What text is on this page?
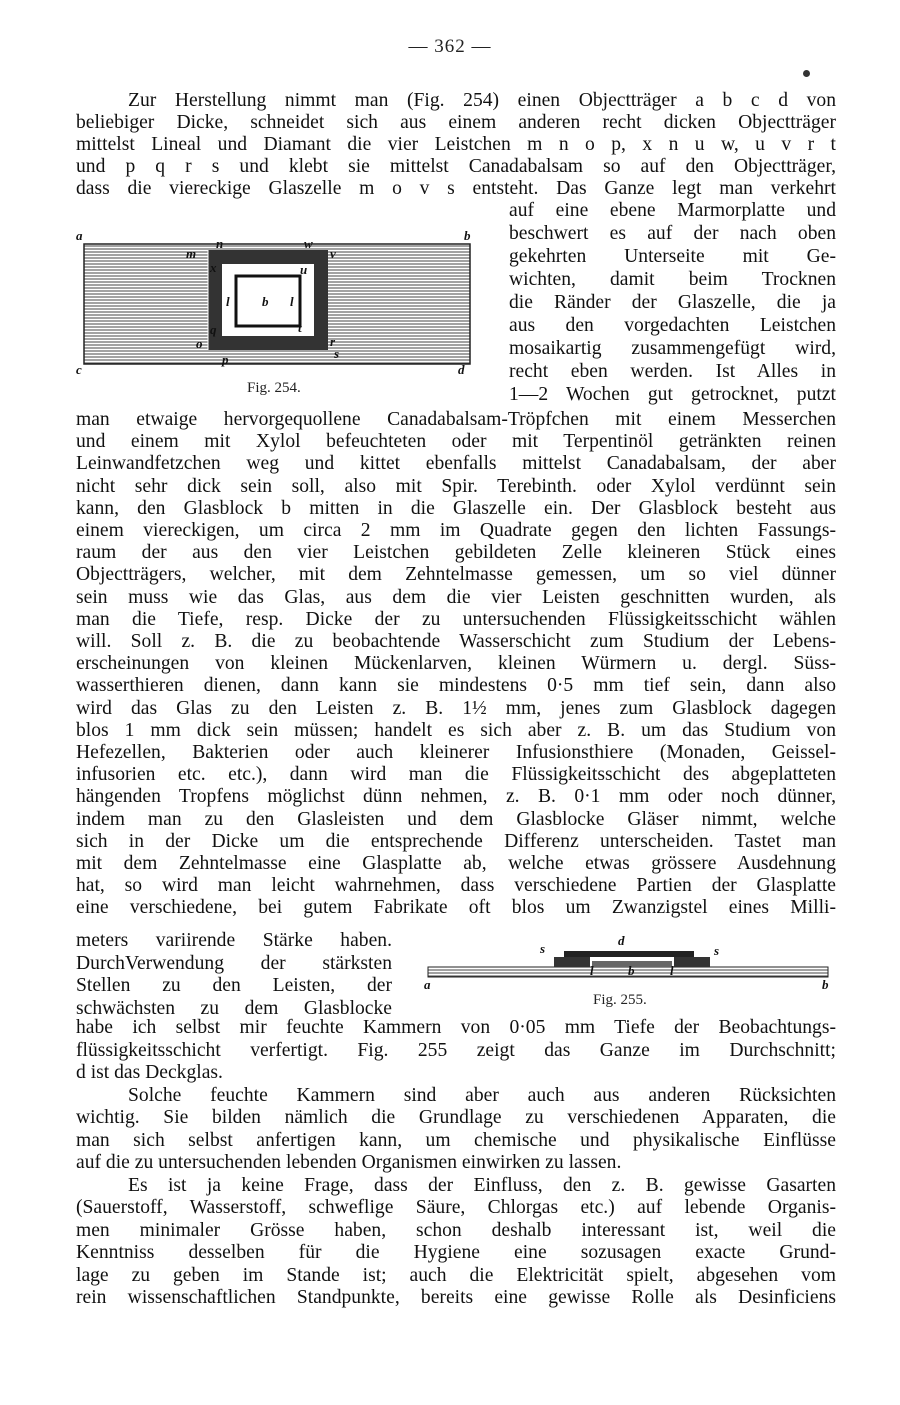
— 362 —
Zur Herstellung nimmt man (Fig. 254) einen Objectträger a b c d von
beliebiger Dicke, schneidet sich aus einem anderen recht dicken Objectträger
mittelst Lineal und Diamant die vier Leistchen m n o p, x n u w, u v r t
und p q r s und klebt sie mittelst Canadabalsam so auf den Objectträger,
dass die viereckige Glaszelle m o v s entsteht. Das Ganze legt man verkehrt
auf eine ebene Marmorplatte und
beschwert es auf der nach oben
gekehrten Unterseite mit Ge-
wichten, damit beim Trocknen
die Ränder der Glaszelle, die ja
aus den vorgedachten Leistchen
mosaikartig zusammengefügt wird,
recht eben werden. Ist Alles in
1—2 Wochen gut getrocknet, putzt
a	b
c	d
m
n	w
v
x	u
l b l
q	t
o	r
p	s
Fig. 254.
man etwaige hervorgequollene Canadabalsam-Tröpfchen mit einem Messerchen
und einem mit Xylol befeuchteten oder mit Terpentinöl getränkten reinen
Leinwandfetzchen weg und kittet ebenfalls mittelst Canadabalsam, der aber
nicht sehr dick sein soll, also mit Spir. Terebinth. oder Xylol verdünnt sein
kann, den Glasblock b mitten in die Glaszelle ein. Der Glasblock besteht aus
einem viereckigen, um circa 2 mm im Quadrate gegen den lichten Fassungs-
raum der aus den vier Leistchen gebildeten Zelle kleineren Stück eines
Objectträgers, welcher, mit dem Zehntelmasse gemessen, um so viel dünner
sein muss wie das Glas, aus dem die vier Leisten geschnitten wurden, als
man die Tiefe, resp. Dicke der zu untersuchenden Flüssigkeitsschicht wählen
will. Soll z. B. die zu beobachtende Wasserschicht zum Studium der Lebens-
erscheinungen von kleinen Mückenlarven, kleinen Würmern u. dergl. Süss-
wasserthieren dienen, dann kann sie mindestens 0·5 mm tief sein, dann also
wird das Glas zu den Leisten z. B. 1½ mm, jenes zum Glasblock dagegen
blos 1 mm dick sein müssen; handelt es sich aber z. B. um das Studium von
Hefezellen, Bakterien oder auch kleinerer Infusionsthiere (Monaden, Geissel-
infusorien etc. etc.), dann wird man die Flüssigkeitsschicht des abgeplatteten
hängenden Tropfens möglichst dünn nehmen, z. B. 0·1 mm oder noch dünner,
indem man zu den Glasleisten und dem Glasblocke Gläser nimmt, welche
sich in der Dicke um die entsprechende Differenz unterscheiden. Tastet man
mit dem Zehntelmasse eine Glasplatte ab, welche etwas grössere Ausdehnung
hat, so wird man leicht wahrnehmen, dass verschiedene Partien der Glasplatte
eine verschiedene, bei gutem Fabrikate oft blos um Zwanzigstel eines Milli-
meters variirende Stärke haben.
DurchVerwendung der stärksten
Stellen zu den Leisten, der
schwächsten zu dem Glasblocke
s
d
s
a	b
l	b	l
Fig. 255.
habe ich selbst mir feuchte Kammern von 0·05 mm Tiefe der Beobachtungs-
flüssigkeitsschicht verfertigt. Fig. 255 zeigt das Ganze im Durchschnitt;
d ist das Deckglas.
Solche feuchte Kammern sind aber auch aus anderen Rücksichten
wichtig. Sie bilden nämlich die Grundlage zu verschiedenen Apparaten, die
man sich selbst anfertigen kann, um chemische und physikalische Einflüsse
auf die zu untersuchenden lebenden Organismen einwirken zu lassen.
Es ist ja keine Frage, dass der Einfluss, den z. B. gewisse Gasarten
(Sauerstoff, Wasserstoff, schweflige Säure, Chlorgas etc.) auf lebende Organis-
men minimaler Grösse haben, schon deshalb interessant ist, weil die
Kenntniss desselben für die Hygiene eine sozusagen exacte Grund-
lage zu geben im Stande ist; auch die Elektricität spielt, abgesehen vom
rein wissenschaftlichen Standpunkte, bereits eine gewisse Rolle als Desinficiens
